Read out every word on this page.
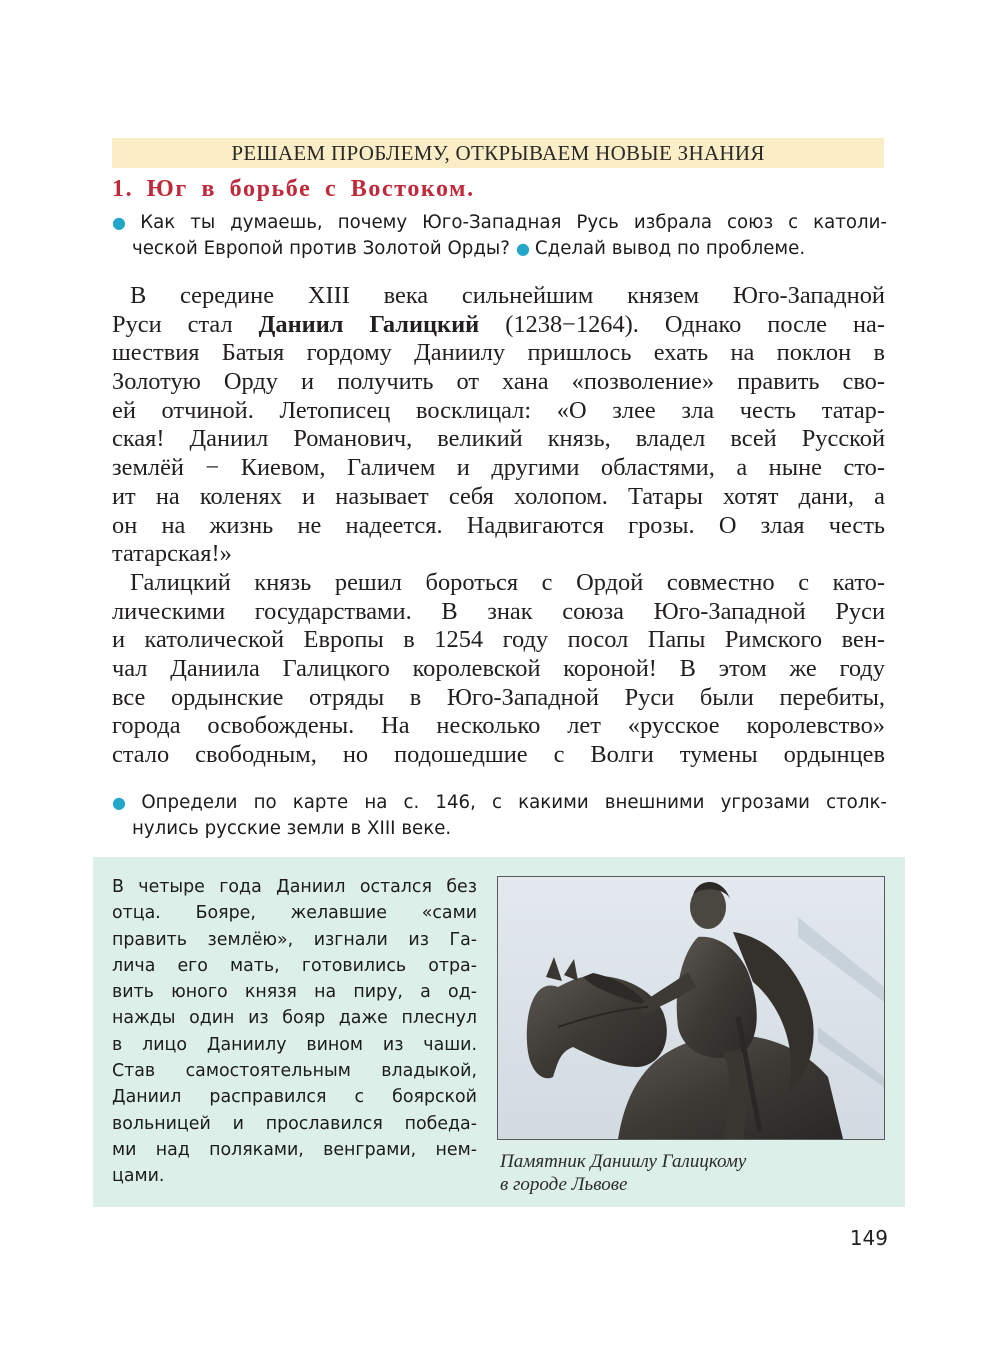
РЕШАЕМ ПРОБЛЕМУ, ОТКРЫВАЕМ НОВЫЕ ЗНАНИЯ
1. Юг в борьбе с Востоком.
● Как ты думаешь, почему Юго-Западная Русь избрала союз с католи-
ческой Европой против Золотой Орды? ● Сделай вывод по проблеме.
В середине XIII века сильнейшим князем Юго-Западной
Руси стал Даниил Галицкий (1238−1264). Однако после на-
шествия Батыя гордому Даниилу пришлось ехать на поклон в
Золотую Орду и получить от хана «позволение» править сво-
ей отчиной. Летописец восклицал: «О злее зла честь татар-
ская! Даниил Романович, великий князь, владел всей Русской
землёй − Киевом, Галичем и другими областями, а ныне сто-
ит на коленях и называет себя холопом. Татары хотят дани, а
он на жизнь не надеется. Надвигаются грозы. О злая честь
татарская!»
Галицкий князь решил бороться с Ордой совместно с като-
лическими государствами. В знак союза Юго-Западной Руси
и католической Европы в 1254 году посол Папы Римского вен-
чал Даниила Галицкого королевской короной! В этом же году
все ордынские отряды в Юго-Западной Руси были перебиты,
города освобождены. На несколько лет «русское королевство»
стало свободным, но подошедшие с Волги тумены ордынцев
● Определи по карте на с. 146, с какими внешними угрозами столк-
нулись русские земли в XIII веке.
В четыре года Даниил остался без
отца. Бояре, желавшие «сами
править землёю», изгнали из Га-
лича его мать, готовились отра-
вить юного князя на пиру, а од-
нажды один из бояр даже плеснул
в лицо Даниилу вином из чаши.
Став самостоятельным владыкой,
Даниил расправился с боярской
вольницей и прославился победа-
ми над поляками, венграми, нем-
цами.
Памятник Даниилу Галицкому
в городе Львове
149
